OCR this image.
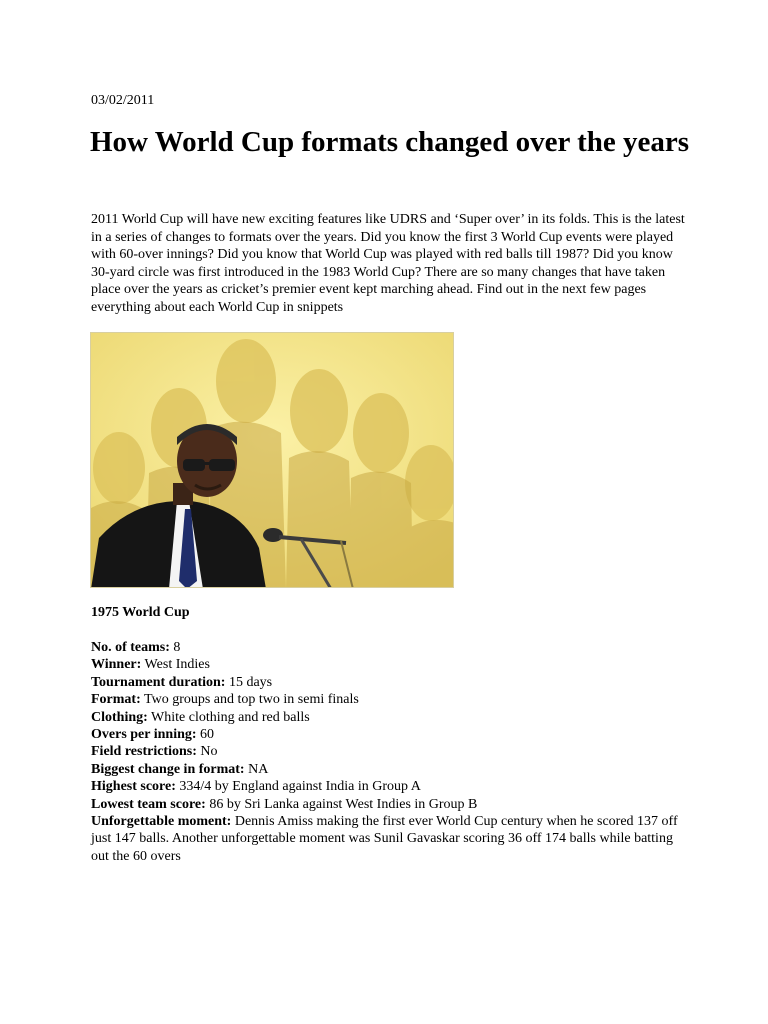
03/02/2011
How World Cup formats changed over the years

2011 World Cup will have new exciting features like UDRS and ‘Super over’ in its folds. This is the latest in a series of changes to formats over the years. Did you know the first 3 World Cup events were played with 60-over innings? Did you know that World Cup was played with red balls till 1987? Did you know 30-yard circle was first introduced in the 1983 World Cup? There are so many changes that have taken place over the years as cricket’s premier event kept marching ahead. Find out in the next few pages everything about each World Cup in snippets

1975 World Cup
No. of teams: 8
Winner: West Indies
Tournament duration: 15 days
Format: Two groups and top two in semi finals
Clothing: White clothing and red balls
Overs per inning: 60
Field restrictions: No
Biggest change in format: NA
Highest score: 334/4 by England against India in Group A
Lowest team score: 86 by Sri Lanka against West Indies in Group B
Unforgettable moment: Dennis Amiss making the first ever World Cup century when he scored 137 off just 147 balls. Another unforgettable moment was Sunil Gavaskar scoring 36 off 174 balls while batting out the 60 overs
